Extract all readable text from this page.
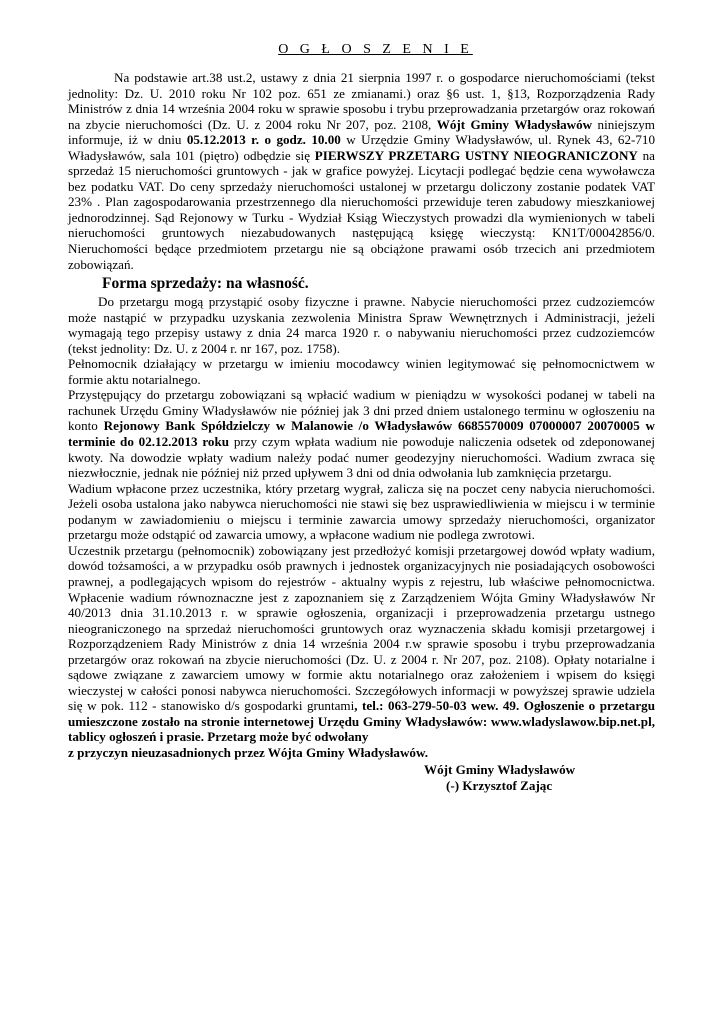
O G Ł O S Z E N I E

Na podstawie art.38 ust.2, ustawy z dnia 21 sierpnia 1997 r. o gospodarce nieruchomościami (tekst jednolity: Dz. U. 2010 roku Nr 102 poz. 651 ze zmianami.) oraz §6 ust. 1, §13, Rozporządzenia Rady Ministrów z dnia 14 września 2004 roku w sprawie sposobu i trybu przeprowadzania przetargów oraz rokowań na zbycie nieruchomości (Dz. U. z 2004 roku Nr 207, poz. 2108, Wójt Gminy Władysławów niniejszym informuje, iż w dniu 05.12.2013 r. o godz. 10.00 w Urzędzie Gminy Władysławów, ul. Rynek 43, 62-710 Władysławów, sala 101 (piętro) odbędzie się PIERWSZY PRZETARG USTNY NIEOGRANICZONY na sprzedaż 15 nieruchomości gruntowych - jak w grafice powyżej. Licytacji podlegać będzie cena wywoławcza bez podatku VAT. Do ceny sprzedaży nieruchomości ustalonej w przetargu doliczony zostanie podatek VAT 23% . Plan zagospodarowania przestrzennego dla nieruchomości przewiduje teren zabudowy mieszkaniowej jednorodzinnej. Sąd Rejonowy w Turku - Wydział Ksiąg Wieczystych prowadzi dla wymienionych w tabeli nieruchomości gruntowych niezabudowanych następującą księgę wieczystą: KN1T/00042856/0. Nieruchomości będące przedmiotem przetargu nie są obciążone prawami osób trzecich ani przedmiotem zobowiązań.

Forma sprzedaży: na własność.

Do przetargu mogą przystąpić osoby fizyczne i prawne. Nabycie nieruchomości przez cudzoziemców może nastąpić w przypadku uzyskania zezwolenia Ministra Spraw Wewnętrznych i Administracji, jeżeli wymagają tego przepisy ustawy z dnia 24 marca 1920 r. o nabywaniu nieruchomości przez cudzoziemców (tekst jednolity: Dz. U. z 2004 r. nr 167, poz. 1758).

Pełnomocnik działający w przetargu w imieniu mocodawcy winien legitymować się pełnomocnictwem w formie aktu notarialnego.

Przystępujący do przetargu zobowiązani są wpłacić wadium w pieniądzu w wysokości podanej w tabeli na rachunek Urzędu Gminy Władysławów nie później jak 3 dni przed dniem ustalonego terminu w ogłoszeniu na konto Rejonowy Bank Spółdzielczy w Malanowie /o Władysławów 6685570009 07000007 20070005 w terminie do 02.12.2013 roku przy czym wpłata wadium nie powoduje naliczenia odsetek od zdeponowanej kwoty. Na dowodzie wpłaty wadium należy podać numer geodezyjny nieruchomości. Wadium zwraca się niezwłocznie, jednak nie później niż przed upływem 3 dni od dnia odwołania lub zamknięcia przetargu.

Wadium wpłacone przez uczestnika, który przetarg wygrał, zalicza się na poczet ceny nabycia nieruchomości. Jeżeli osoba ustalona jako nabywca nieruchomości nie stawi się bez usprawiedliwienia w miejscu i w terminie podanym w zawiadomieniu o miejscu i terminie zawarcia umowy sprzedaży nieruchomości, organizator przetargu może odstąpić od zawarcia umowy, a wpłacone wadium nie podlega zwrotowi.

Uczestnik przetargu (pełnomocnik) zobowiązany jest przedłożyć komisji przetargowej dowód wpłaty wadium, dowód tożsamości, a w przypadku osób prawnych i jednostek organizacyjnych nie posiadających osobowości prawnej, a podlegających wpisom do rejestrów - aktualny wypis z rejestru, lub właściwe pełnomocnictwa. Wpłacenie wadium równoznaczne jest z zapoznaniem się z Zarządzeniem Wójta Gminy Władysławów Nr 40/2013 dnia 31.10.2013 r. w sprawie ogłoszenia, organizacji i przeprowadzenia przetargu ustnego nieograniczonego na sprzedaż nieruchomości gruntowych oraz wyznaczenia składu komisji przetargowej i Rozporządzeniem Rady Ministrów z dnia 14 września 2004 r.w sprawie sposobu i trybu przeprowadzania przetargów oraz rokowań na zbycie nieruchomości (Dz. U. z 2004 r. Nr 207, poz. 2108). Opłaty notarialne i sądowe związane z zawarciem umowy w formie aktu notarialnego oraz założeniem i wpisem do księgi wieczystej w całości ponosi nabywca nieruchomości. Szczegółowych informacji w powyższej sprawie udziela się w pok. 112 - stanowisko d/s gospodarki gruntami, tel.: 063-279-50-03 wew. 49. Ogłoszenie o przetargu umieszczone zostało na stronie internetowej Urzędu Gminy Władysławów: www.wladyslawow.bip.net.pl, tablicy ogłoszeń i prasie. Przetarg może być odwołany
z przyczyn nieuzasadnionych przez Wójta Gminy Władysławów.

Wójt Gminy Władysławów
(-) Krzysztof Zając
